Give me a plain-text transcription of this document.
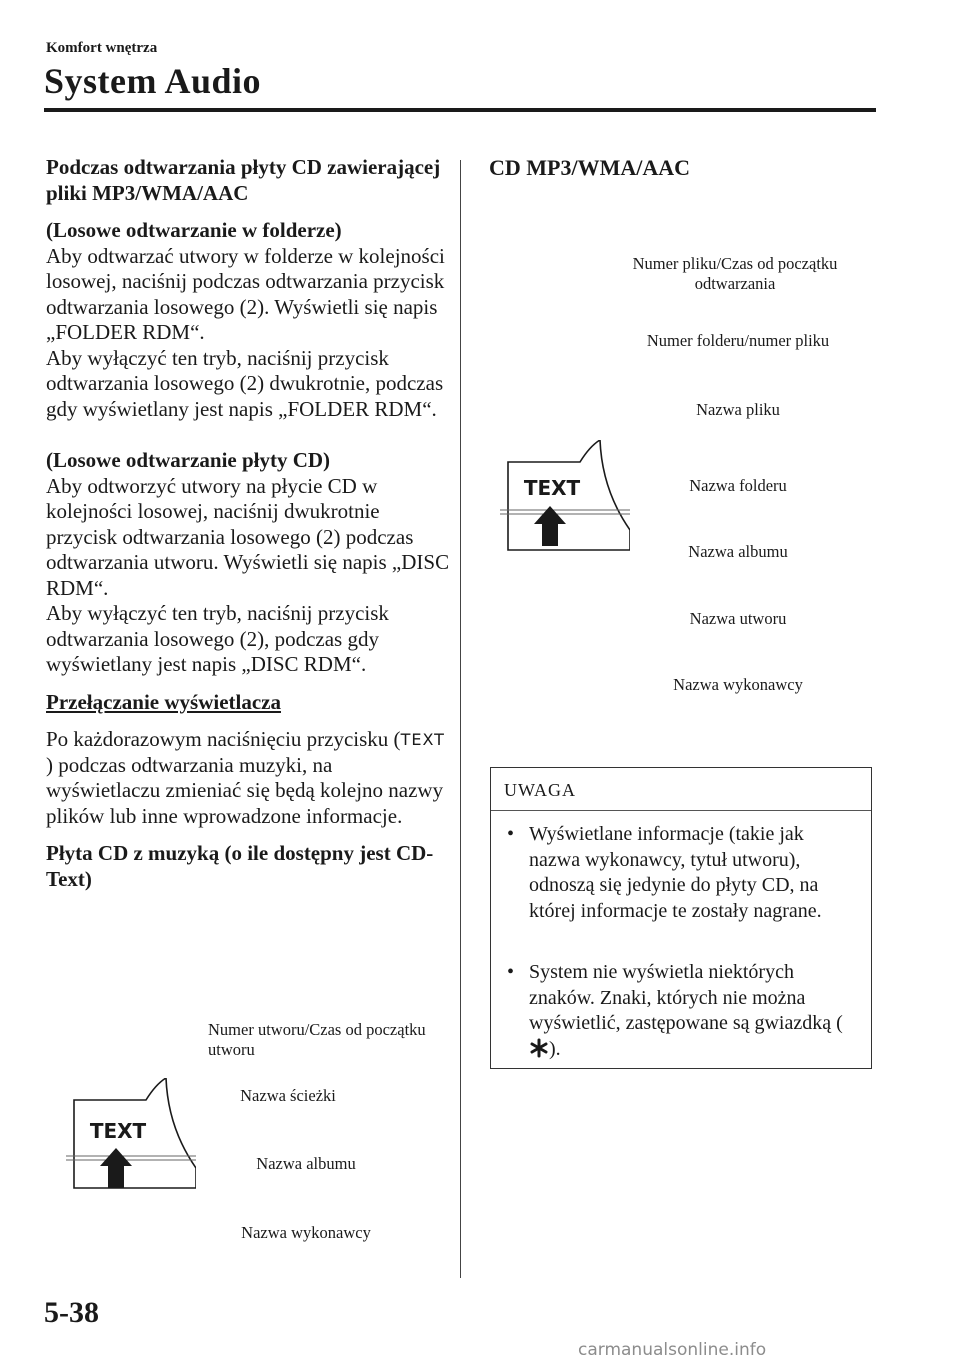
Komfort wnętrza
System Audio

Podczas odtwarzania płyty CD zawierającej pliki MP3/WMA/AAC

(Losowe odtwarzanie w folderze)

Aby odtwarzać utwory w folderze w kolejności losowej, naciśnij podczas odtwarzania przycisk odtwarzania losowego (2). Wyświetli się napis „FOLDER RDM“.

Aby wyłączyć ten tryb, naciśnij przycisk odtwarzania losowego (2) dwukrotnie, podczas gdy wyświetlany jest napis „FOLDER RDM“.

(Losowe odtwarzanie płyty CD)

Aby odtworzyć utwory na płycie CD w kolejności losowej, naciśnij dwukrotnie przycisk odtwarzania losowego (2) podczas odtwarzania utworu. Wyświetli się napis „DISC RDM“.

Aby wyłączyć ten tryb, naciśnij przycisk odtwarzania losowego (2), podczas gdy wyświetlany jest napis „DISC RDM“.

Przełączanie wyświetlacza

Po każdorazowym naciśnięciu przycisku (TEXT) podczas odtwarzania muzyki, na wyświetlaczu zmieniać się będą kolejno nazwy plików lub inne wprowadzone informacje.

Płyta CD z muzyką (o ile dostępny jest CD-Text)

TEXT
Numer utworu/Czas od początku utworu
Nazwa ścieżki
Nazwa albumu
Nazwa wykonawcy
CD MP3/WMA/AAC
TEXT
Numer pliku/Czas od początku odtwarzania
Numer folderu/numer pliku
Nazwa pliku
Nazwa folderu
Nazwa albumu
Nazwa utworu
Nazwa wykonawcy
UWAGA
• Wyświetlane informacje (takie jak nazwa wykonawcy, tytuł utworu), odnoszą się jedynie do płyty CD, na której informacje te zostały nagrane.
• System nie wyświetla niektórych znaków. Znaki, których nie można wyświetlić, zastępowane są gwiazdką ().
5-38
carmanualsonline.info
